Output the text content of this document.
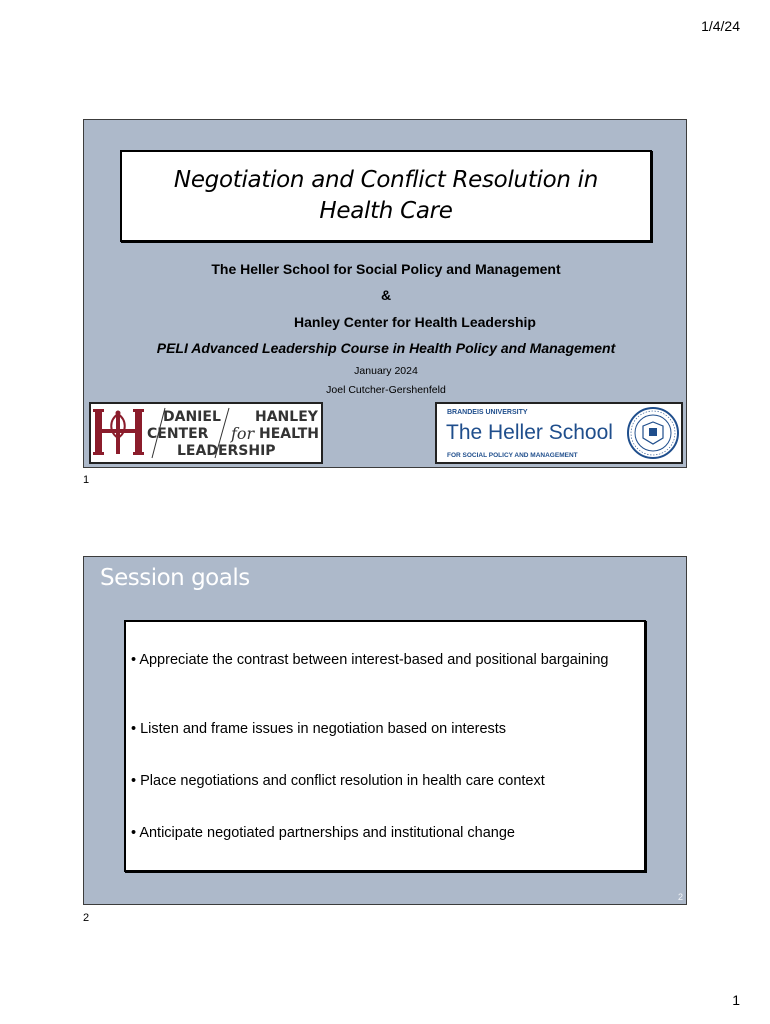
1/4/24
Negotiation and Conflict Resolution in
Health Care
The Heller School for Social Policy and Management
&
Hanley Center for Health Leadership
PELI Advanced Leadership Course in Health Policy and Management
January 2024
Joel Cutcher-Gershenfeld
DANIEL HANLEY
CENTER	HEALTH
LEADERSHIP
for
BRANDEIS UNIVERSITY
The Heller School
FOR SOCIAL POLICY AND MANAGEMENT
1
Session goals
• Appreciate the contrast between interest-based and positional bargaining
• Listen and frame issues in negotiation based on interests
• Place negotiations and conflict resolution in health care context
• Anticipate negotiated partnerships and institutional change
2
2
1
